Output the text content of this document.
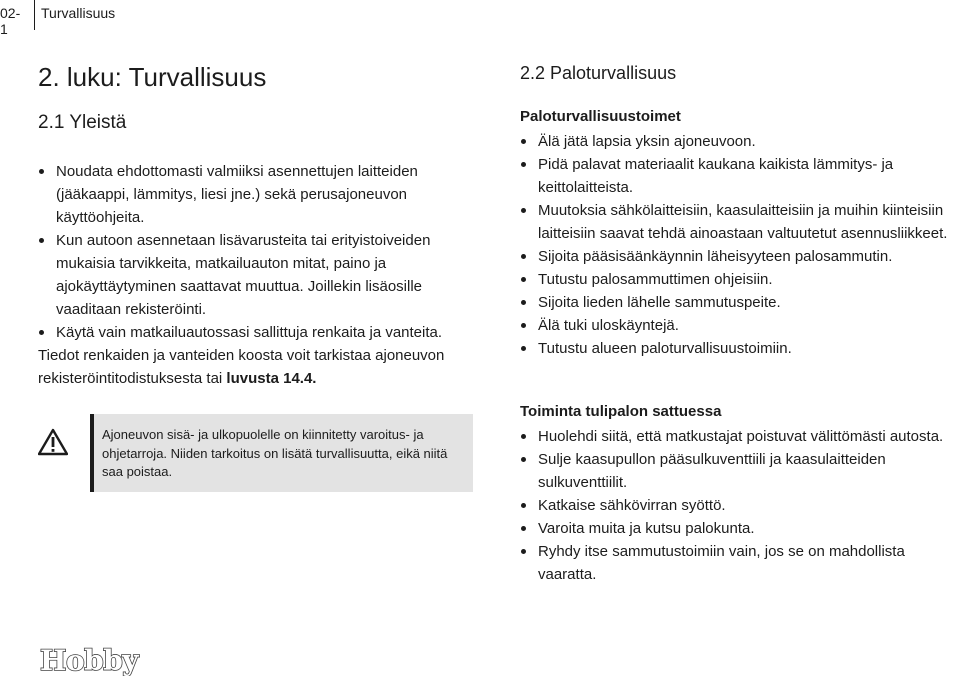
02-1
Turvallisuus
2. luku: Turvallisuus
2.1 Yleistä
Noudata ehdottomasti valmiiksi asennettujen laitteiden (jääkaappi, lämmitys, liesi jne.) sekä perusajoneuvon käyttöohjeita.
Kun autoon asennetaan lisävarusteita tai erityistoiveiden mukaisia tarvikkeita, matkailuauton mitat, paino ja ajokäyttäytyminen saattavat muuttua. Joillekin lisäosille vaaditaan rekisteröinti.
Käytä vain matkailuautossasi sallittuja renkaita ja vanteita.

Tiedot renkaiden ja vanteiden koosta voit tarkistaa ajoneuvon rekisteröintitodistuksesta tai luvusta 14.4.

Ajoneuvon sisä- ja ulkopuolelle on kiinnitetty varoitus- ja ohjetarroja. Niiden tarkoitus on lisätä turvallisuutta, eikä niitä saa poistaa.
2.2 Paloturvallisuus
Paloturvallisuustoimet
Älä jätä lapsia yksin ajoneuvoon.
Pidä palavat materiaalit kaukana kaikista lämmitys- ja keittolaitteista.
Muutoksia sähkölaitteisiin, kaasulaitteisiin ja muihin kiinteisiin laitteisiin saavat tehdä ainoastaan valtuutetut asennusliikkeet.
Sijoita pääsisäänkäynnin läheisyyteen palosammutin.
Tutustu palosammuttimen ohjeisiin.
Sijoita lieden lähelle sammutuspeite.
Älä tuki uloskäyntejä.
Tutustu alueen paloturvallisuustoimiin.
Toiminta tulipalon sattuessa
Huolehdi siitä, että matkustajat poistuvat välittömästi autosta.
Sulje kaasupullon pääsulkuventtiili ja kaasulaitteiden sulkuventtiilit.
Katkaise sähkövirran syöttö.
Varoita muita ja kutsu palokunta.
Ryhdy itse sammutustoimiin vain, jos se on mahdollista vaaratta.
Hobby
